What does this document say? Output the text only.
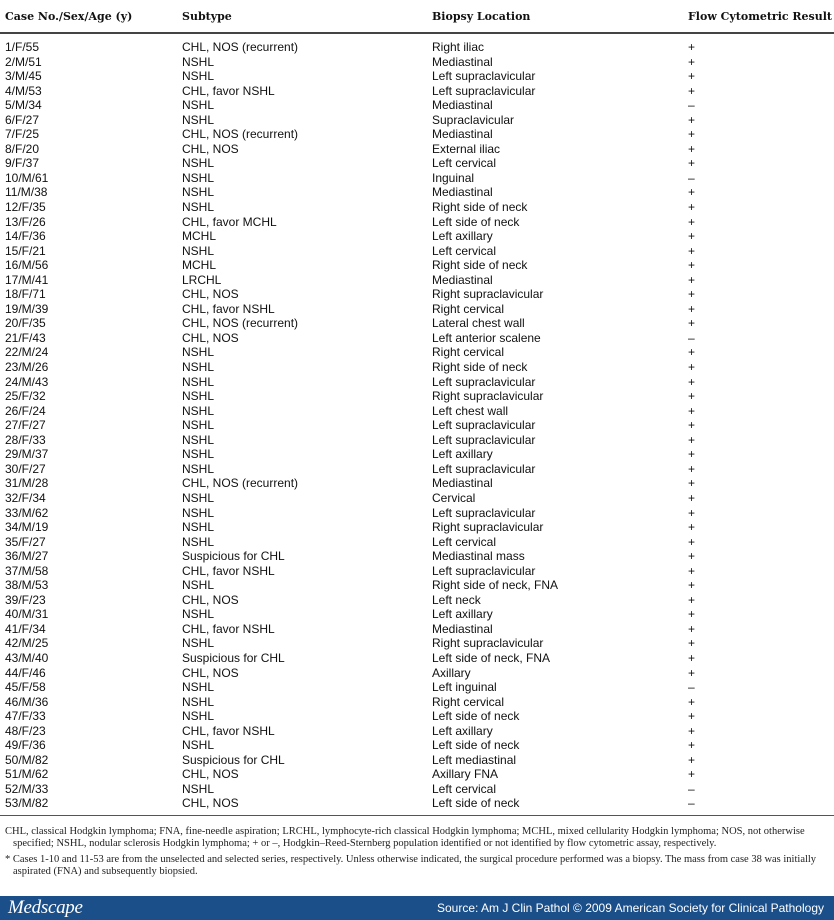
Case No./Sex/Age (y)	Subtype	Biopsy Location	Flow Cytometric Result
1/F/55	CHL, NOS (recurrent)	Right iliac	+
2/M/51	NSHL	Mediastinal	+
3/M/45	NSHL	Left supraclavicular	+
4/M/53	CHL, favor NSHL	Left supraclavicular	+
5/M/34	NSHL	Mediastinal	–
6/F/27	NSHL	Supraclavicular	+
7/F/25	CHL, NOS (recurrent)	Mediastinal	+
8/F/20	CHL, NOS	External iliac	+
9/F/37	NSHL	Left cervical	+
10/M/61	NSHL	Inguinal	–
11/M/38	NSHL	Mediastinal	+
12/F/35	NSHL	Right side of neck	+
13/F/26	CHL, favor MCHL	Left side of neck	+
14/F/36	MCHL	Left axillary	+
15/F/21	NSHL	Left cervical	+
16/M/56	MCHL	Right side of neck	+
17/M/41	LRCHL	Mediastinal	+
18/F/71	CHL, NOS	Right supraclavicular	+
19/M/39	CHL, favor NSHL	Right cervical	+
20/F/35	CHL, NOS (recurrent)	Lateral chest wall	+
21/F/43	CHL, NOS	Left anterior scalene	–
22/M/24	NSHL	Right cervical	+
23/M/26	NSHL	Right side of neck	+
24/M/43	NSHL	Left supraclavicular	+
25/F/32	NSHL	Right supraclavicular	+
26/F/24	NSHL	Left chest wall	+
27/F/27	NSHL	Left supraclavicular	+
28/F/33	NSHL	Left supraclavicular	+
29/M/37	NSHL	Left axillary	+
30/F/27	NSHL	Left supraclavicular	+
31/M/28	CHL, NOS (recurrent)	Mediastinal	+
32/F/34	NSHL	Cervical	+
33/M/62	NSHL	Left supraclavicular	+
34/M/19	NSHL	Right supraclavicular	+
35/F/27	NSHL	Left cervical	+
36/M/27	Suspicious for CHL	Mediastinal mass	+
37/M/58	CHL, favor NSHL	Left supraclavicular	+
38/M/53	NSHL	Right side of neck, FNA	+
39/F/23	CHL, NOS	Left neck	+
40/M/31	NSHL	Left axillary	+
41/F/34	CHL, favor NSHL	Mediastinal	+
42/M/25	NSHL	Right supraclavicular	+
43/M/40	Suspicious for CHL	Left side of neck, FNA	+
44/F/46	CHL, NOS	Axillary	+
45/F/58	NSHL	Left inguinal	–
46/M/36	NSHL	Right cervical	+
47/F/33	NSHL	Left side of neck	+
48/F/23	CHL, favor NSHL	Left axillary	+
49/F/36	NSHL	Left side of neck	+
50/M/82	Suspicious for CHL	Left mediastinal	+
51/M/62	CHL, NOS	Axillary FNA	+
52/M/33	NSHL	Left cervical	–
53/M/82	CHL, NOS	Left side of neck	–

CHL, classical Hodgkin lymphoma; FNA, fine-needle aspiration; LRCHL, lymphocyte-rich classical Hodgkin lymphoma; MCHL, mixed cellularity Hodgkin lymphoma; NOS, not otherwise specified; NSHL, nodular sclerosis Hodgkin lymphoma; + or –, Hodgkin–Reed-Sternberg population identified or not identified by flow cytometric assay, respectively.

* Cases 1-10 and 11-53 are from the unselected and selected series, respectively. Unless otherwise indicated, the surgical procedure performed was a biopsy. The mass from case 38 was initially aspirated (FNA) and subsequently biopsied.

Medscape	Source: Am J Clin Pathol © 2009 American Society for Clinical Pathology
